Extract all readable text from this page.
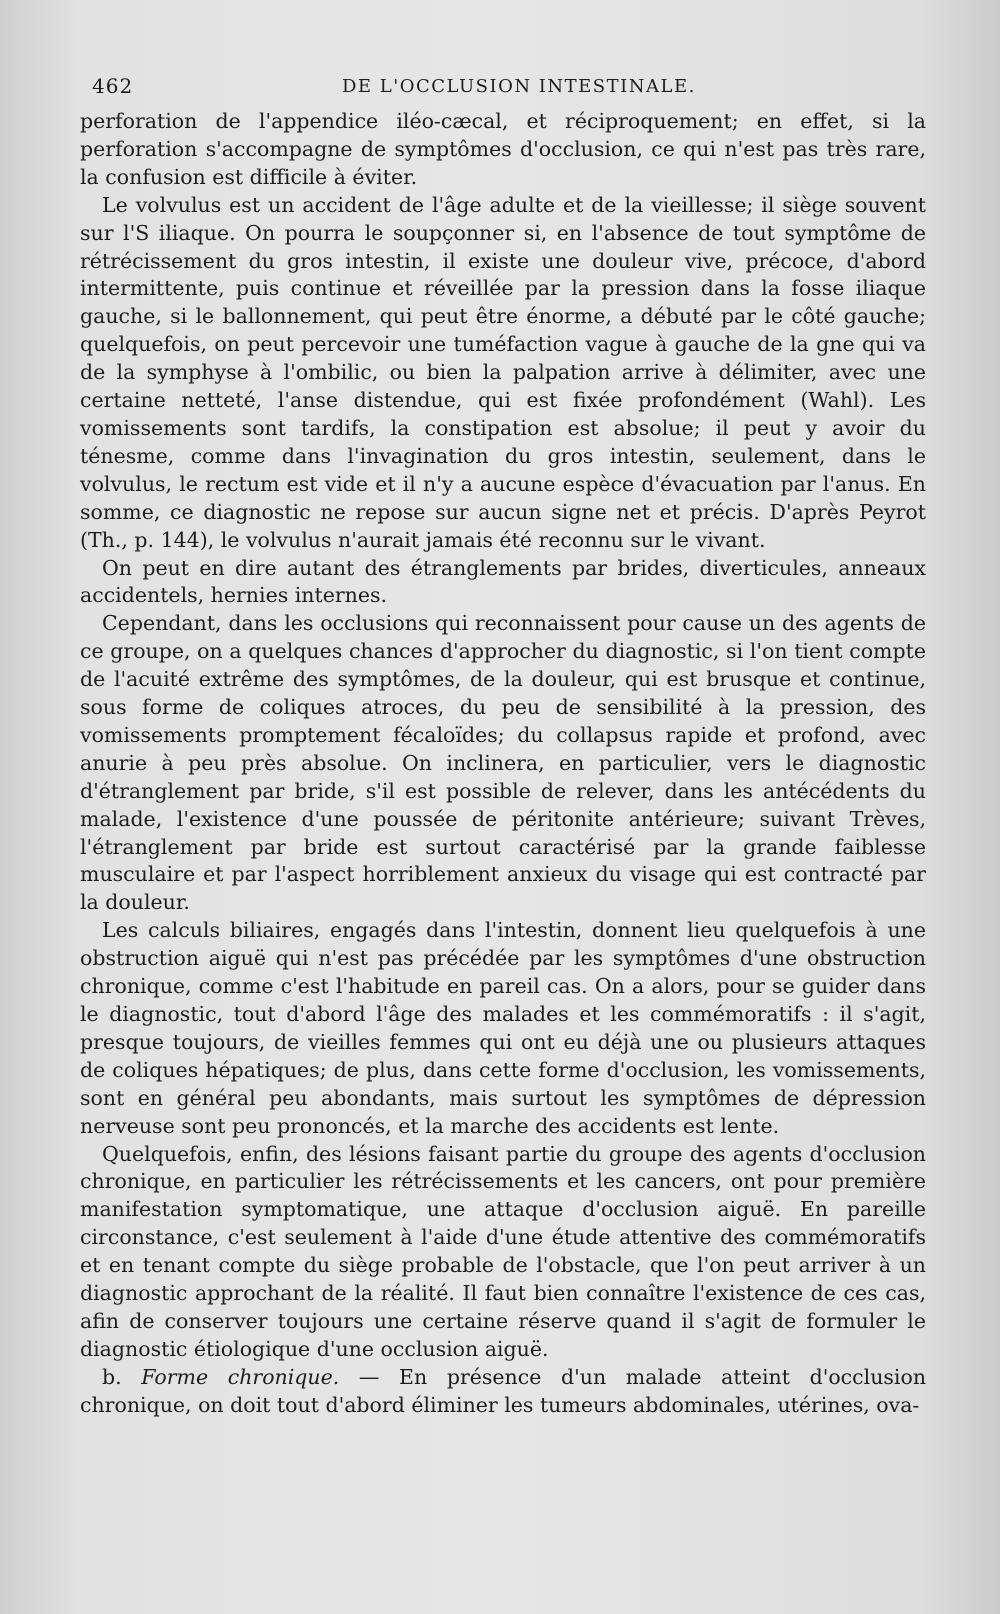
462	DE L'OCCLUSION INTESTINALE.

perforation de l'appendice iléo-cæcal, et réciproquement; en effet, si la perforation s'accompagne de symptômes d'occlusion, ce qui n'est pas très rare, la confusion est difficile à éviter.

Le volvulus est un accident de l'âge adulte et de la vieillesse; il siège souvent sur l'S iliaque. On pourra le soupçonner si, en l'absence de tout symptôme de rétrécissement du gros intestin, il existe une douleur vive, précoce, d'abord intermittente, puis continue et réveillée par la pression dans la fosse iliaque gauche, si le ballonnement, qui peut être énorme, a débuté par le côté gauche; quelquefois, on peut percevoir une tuméfaction vague à gauche de la gne qui va de la symphyse à l'ombilic, ou bien la palpation arrive à délimiter, avec une certaine netteté, l'anse distendue, qui est fixée profondément (Wahl). Les vomissements sont tardifs, la constipation est absolue; il peut y avoir du ténesme, comme dans l'invagination du gros intestin, seulement, dans le volvulus, le rectum est vide et il n'y a aucune espèce d'évacuation par l'anus. En somme, ce diagnostic ne repose sur aucun signe net et précis. D'après Peyrot (Th., p. 144), le volvulus n'aurait jamais été reconnu sur le vivant.

On peut en dire autant des étranglements par brides, diverticules, anneaux accidentels, hernies internes.

Cependant, dans les occlusions qui reconnaissent pour cause un des agents de ce groupe, on a quelques chances d'approcher du diagnostic, si l'on tient compte de l'acuité extrême des symptômes, de la douleur, qui est brusque et continue, sous forme de coliques atroces, du peu de sensibilité à la pression, des vomissements promptement fécaloïdes; du collapsus rapide et profond, avec anurie à peu près absolue. On inclinera, en particulier, vers le diagnostic d'étranglement par bride, s'il est possible de relever, dans les antécédents du malade, l'existence d'une poussée de péritonite antérieure; suivant Trèves, l'étranglement par bride est surtout caractérisé par la grande faiblesse musculaire et par l'aspect horriblement anxieux du visage qui est contracté par la douleur.

Les calculs biliaires, engagés dans l'intestin, donnent lieu quelquefois à une obstruction aiguë qui n'est pas précédée par les symptômes d'une obstruction chronique, comme c'est l'habitude en pareil cas. On a alors, pour se guider dans le diagnostic, tout d'abord l'âge des malades et les commémoratifs : il s'agit, presque toujours, de vieilles femmes qui ont eu déjà une ou plusieurs attaques de coliques hépatiques; de plus, dans cette forme d'occlusion, les vomissements, sont en général peu abondants, mais surtout les symptômes de dépression nerveuse sont peu prononcés, et la marche des accidents est lente.

Quelquefois, enfin, des lésions faisant partie du groupe des agents d'occlusion chronique, en particulier les rétrécissements et les cancers, ont pour première manifestation symptomatique, une attaque d'occlusion aiguë. En pareille circonstance, c'est seulement à l'aide d'une étude attentive des commémoratifs et en tenant compte du siège probable de l'obstacle, que l'on peut arriver à un diagnostic approchant de la réalité. Il faut bien connaître l'existence de ces cas, afin de conserver toujours une certaine réserve quand il s'agit de formuler le diagnostic étiologique d'une occlusion aiguë.

b. Forme chronique. — En présence d'un malade atteint d'occlusion chronique, on doit tout d'abord éliminer les tumeurs abdominales, utérines, ova-
